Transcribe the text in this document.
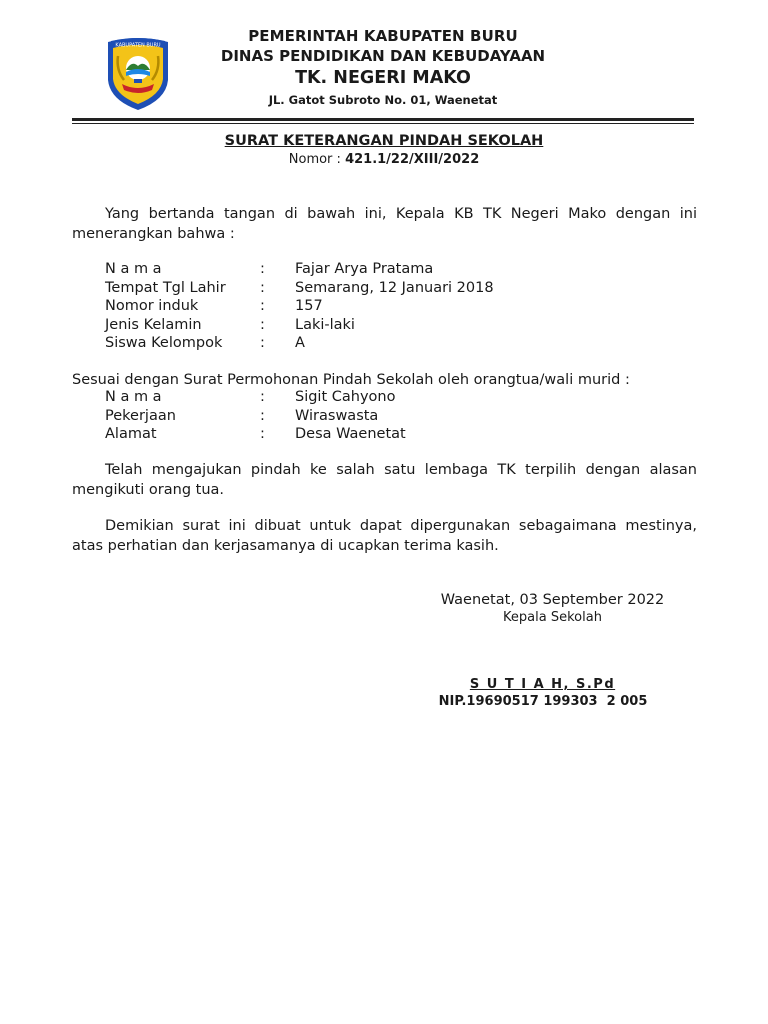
KABUPATEN BURU
PEMERINTAH KABUPATEN BURU
DINAS PENDIDIKAN DAN KEBUDAYAAN
TK. NEGERI MAKO
JL. Gatot Subroto No. 01, Waenetat
SURAT KETERANGAN PINDAH SEKOLAH
Nomor : 421.1/22/XIII/2022
Yang bertanda tangan di bawah ini, Kepala KB TK Negeri Mako dengan ini menerangkan bahwa :
N a m a	: Fajar Arya Pratama
Tempat Tgl Lahir : Semarang, 12 Januari 2018
Nomor induk	: 157
Jenis Kelamin	: Laki-laki
Siswa Kelompok	: A
Sesuai dengan Surat Permohonan Pindah Sekolah oleh orangtua/wali murid :
N a m a	: Sigit Cahyono
Pekerjaan	: Wiraswasta
Alamat	: Desa Waenetat
Telah mengajukan pindah ke salah satu lembaga TK terpilih dengan alasan mengikuti orang tua.
Demikian surat ini dibuat untuk dapat dipergunakan sebagaimana mestinya, atas perhatian dan kerjasamanya di ucapkan terima kasih.
Waenetat, 03 September 2022
Kepala Sekolah
S U T I A H, S.Pd
NIP.19690517 199303  2 005
